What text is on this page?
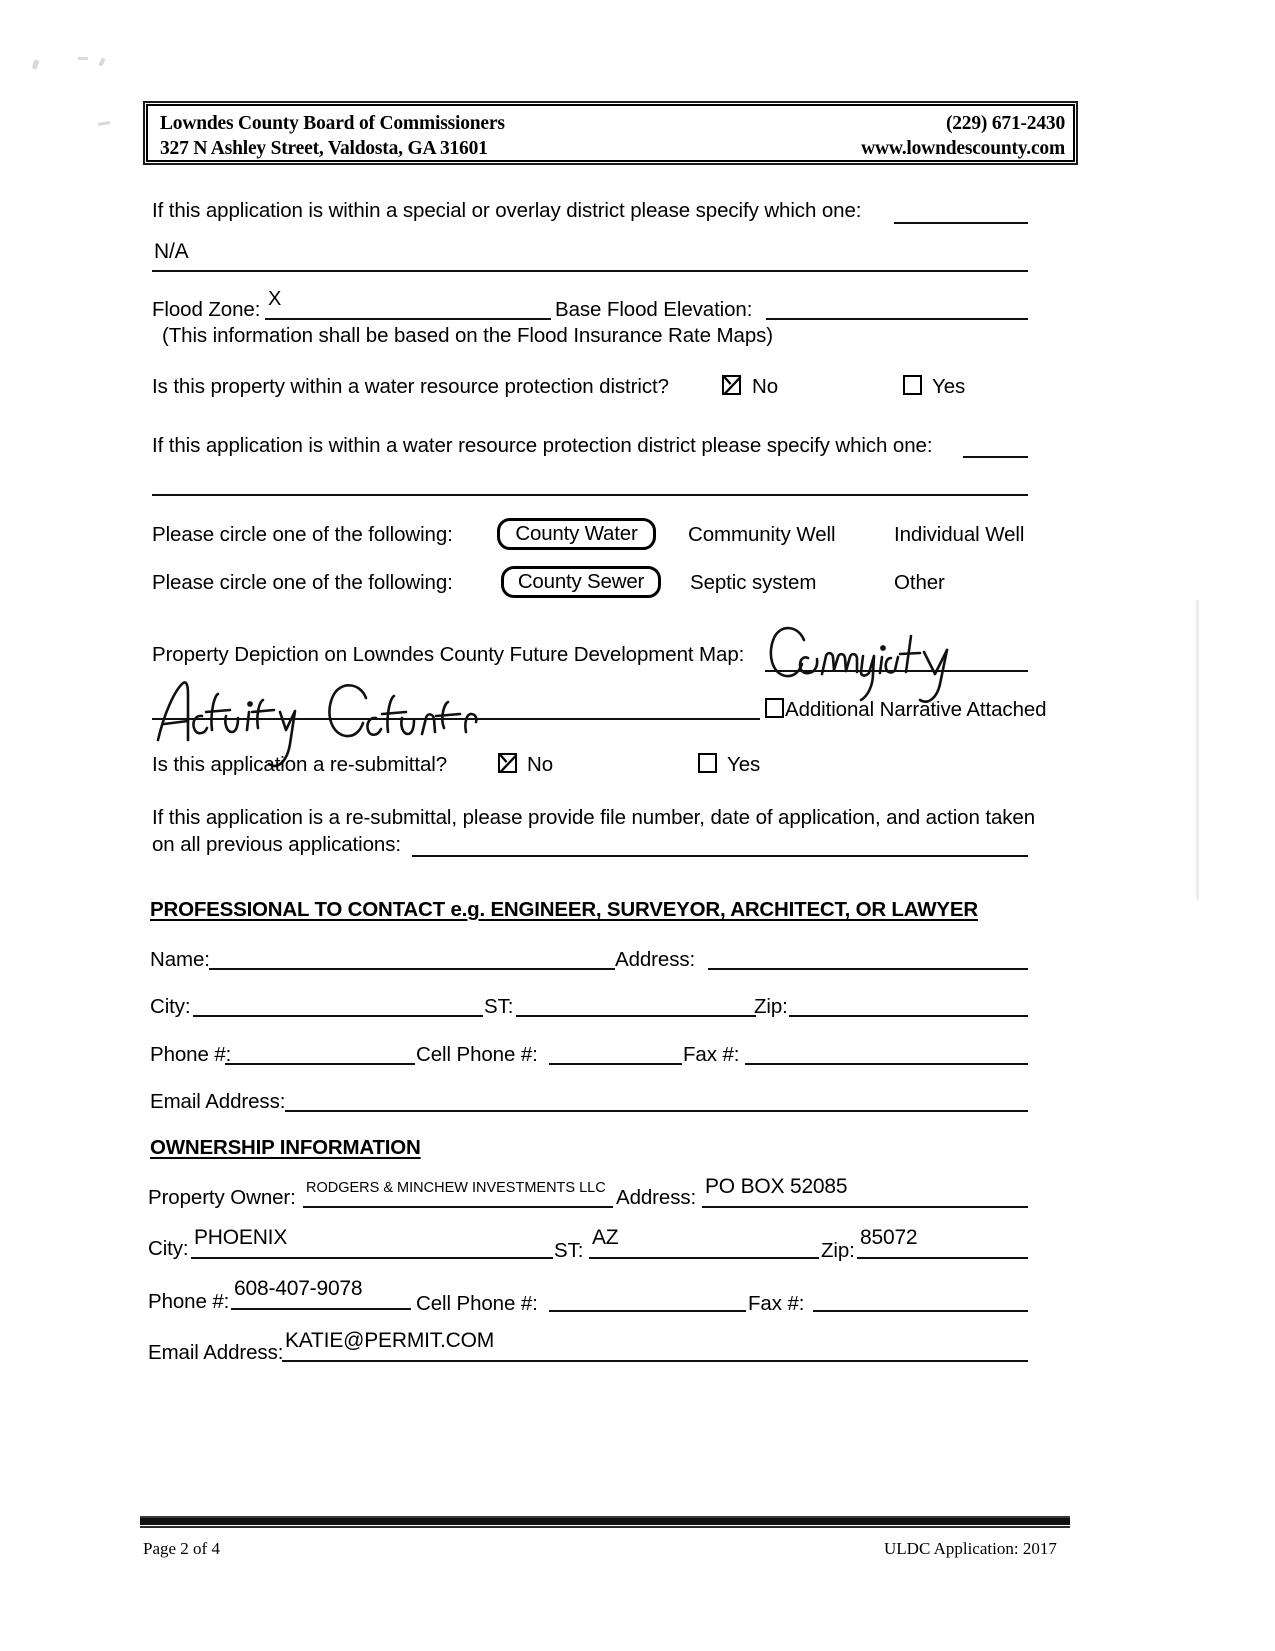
Lowndes County Board of Commissioners
327 N Ashley Street, Valdosta, GA 31601
(229) 671-2430
www.lowndescounty.com
If this application is within a special or overlay district please specify which one:
N/A
Flood Zone: X	Base Flood Elevation:
(This information shall be based on the Flood Insurance Rate Maps)
Is this property within a water resource protection district?	No	Yes
If this application is within a water resource protection district please specify which one:
Please circle one of the following:	County Water Community Well	Individual Well
Please circle one of the following:	County Sewer Septic system	Other
Property Depiction on Lowndes County Future Development Map:
Additional Narrative Attached
Is this application a re-submittal?	No	Yes
If this application is a re-submittal, please provide file number, date of application, and action taken
on all previous applications:
PROFESSIONAL TO CONTACT e.g. ENGINEER, SURVEYOR, ARCHITECT, OR LAWYER
Name:	Address:
City:	ST:	Zip:
Phone #:	Cell Phone #:	Fax #:
Email Address:
OWNERSHIP INFORMATION
Property Owner: RODGERS & MINCHEW INVESTMENTS LLC Address: PO BOX 52085
City: PHOENIX
ST:
AZ
Zip:
85072
Phone #:
608-407-9078
Cell Phone #:	Fax #:
Email Address:
KATIE@PERMIT.COM
Page 2 of 4	ULDC Application: 2017
